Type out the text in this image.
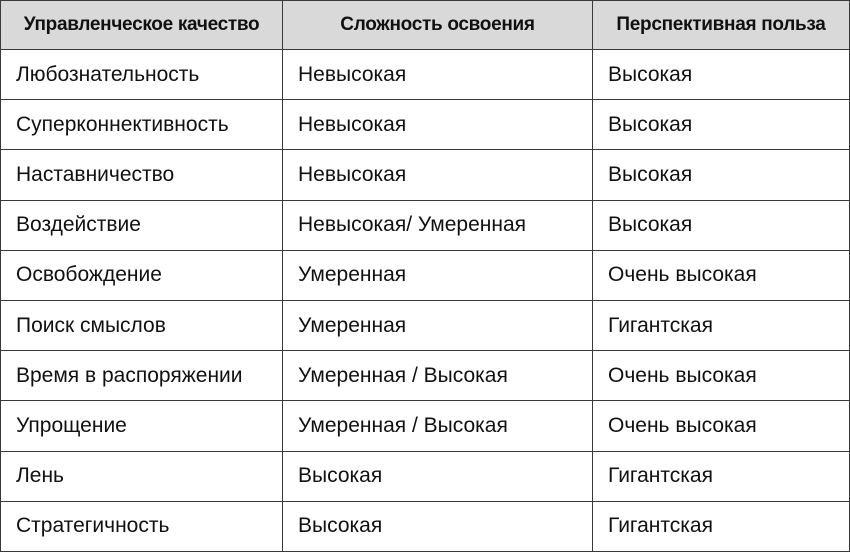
Управленческое качество	Сложность освоения	Перспективная польза
Любознательность	Невысокая	Высокая
Суперконнективность	Невысокая	Высокая
Наставничество	Невысокая	Высокая
Воздействие	Невысокая/ Умеренная	Высокая
Освобождение	Умеренная	Очень высокая
Поиск смыслов	Умеренная	Гигантская
Время в распоряжении	Умеренная / Высокая	Очень высокая
Упрощение	Умеренная / Высокая	Очень высокая
Лень	Высокая	Гигантская
Стратегичность	Высокая	Гигантская
